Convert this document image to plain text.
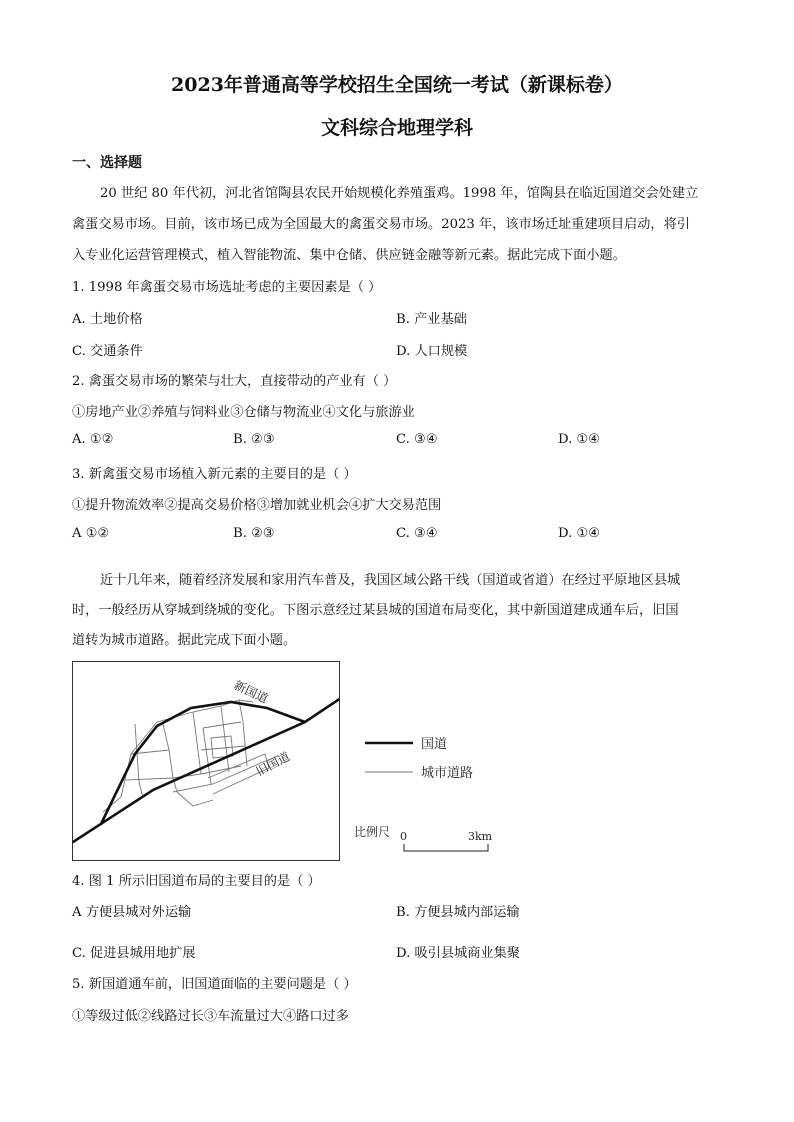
2023年普通高等学校招生全国统一考试（新课标卷）
文科综合地理学科
一、选择题
20 世纪 80 年代初，河北省馆陶县农民开始规模化养殖蛋鸡。1998 年，馆陶县在临近国道交会处建立
禽蛋交易市场。目前，该市场已成为全国最大的禽蛋交易市场。2023 年，该市场迁址重建项目启动，将引
入专业化运营管理模式，植入智能物流、集中仓储、供应链金融等新元素。据此完成下面小题。
1. 1998 年禽蛋交易市场选址考虑的主要因素是（ ）
A. 土地价格	B. 产业基础
C. 交通条件	D. 人口规模
2. 禽蛋交易市场的繁荣与壮大，直接带动的产业有（ ）
①房地产业②养殖与饲料业③仓储与物流业④文化与旅游业
A. ①②	B. ②③	C. ③④	D. ①④
3. 新禽蛋交易市场植入新元素的主要目的是（ ）
①提升物流效率②提高交易价格③增加就业机会④扩大交易范围
A ①②	B. ②③	C. ③④	D. ①④
近十几年来，随着经济发展和家用汽车普及，我国区域公路干线（国道或省道）在经过平原地区县城
时，一般经历从穿城到绕城的变化。下图示意经过某县城的国道布局变化，其中新国道建成通车后，旧国
道转为城市道路。据此完成下面小题。
新国道
旧国道
国道
城市道路
比例尺 0	3km
4. 图 1 所示旧国道布局的主要目的是（ ）
A 方便县城对外运输	B. 方便县城内部运输
C. 促进县城用地扩展	D. 吸引县城商业集聚
5. 新国道通车前，旧国道面临的主要问题是（ ）
①等级过低②线路过长③车流量过大④路口过多
